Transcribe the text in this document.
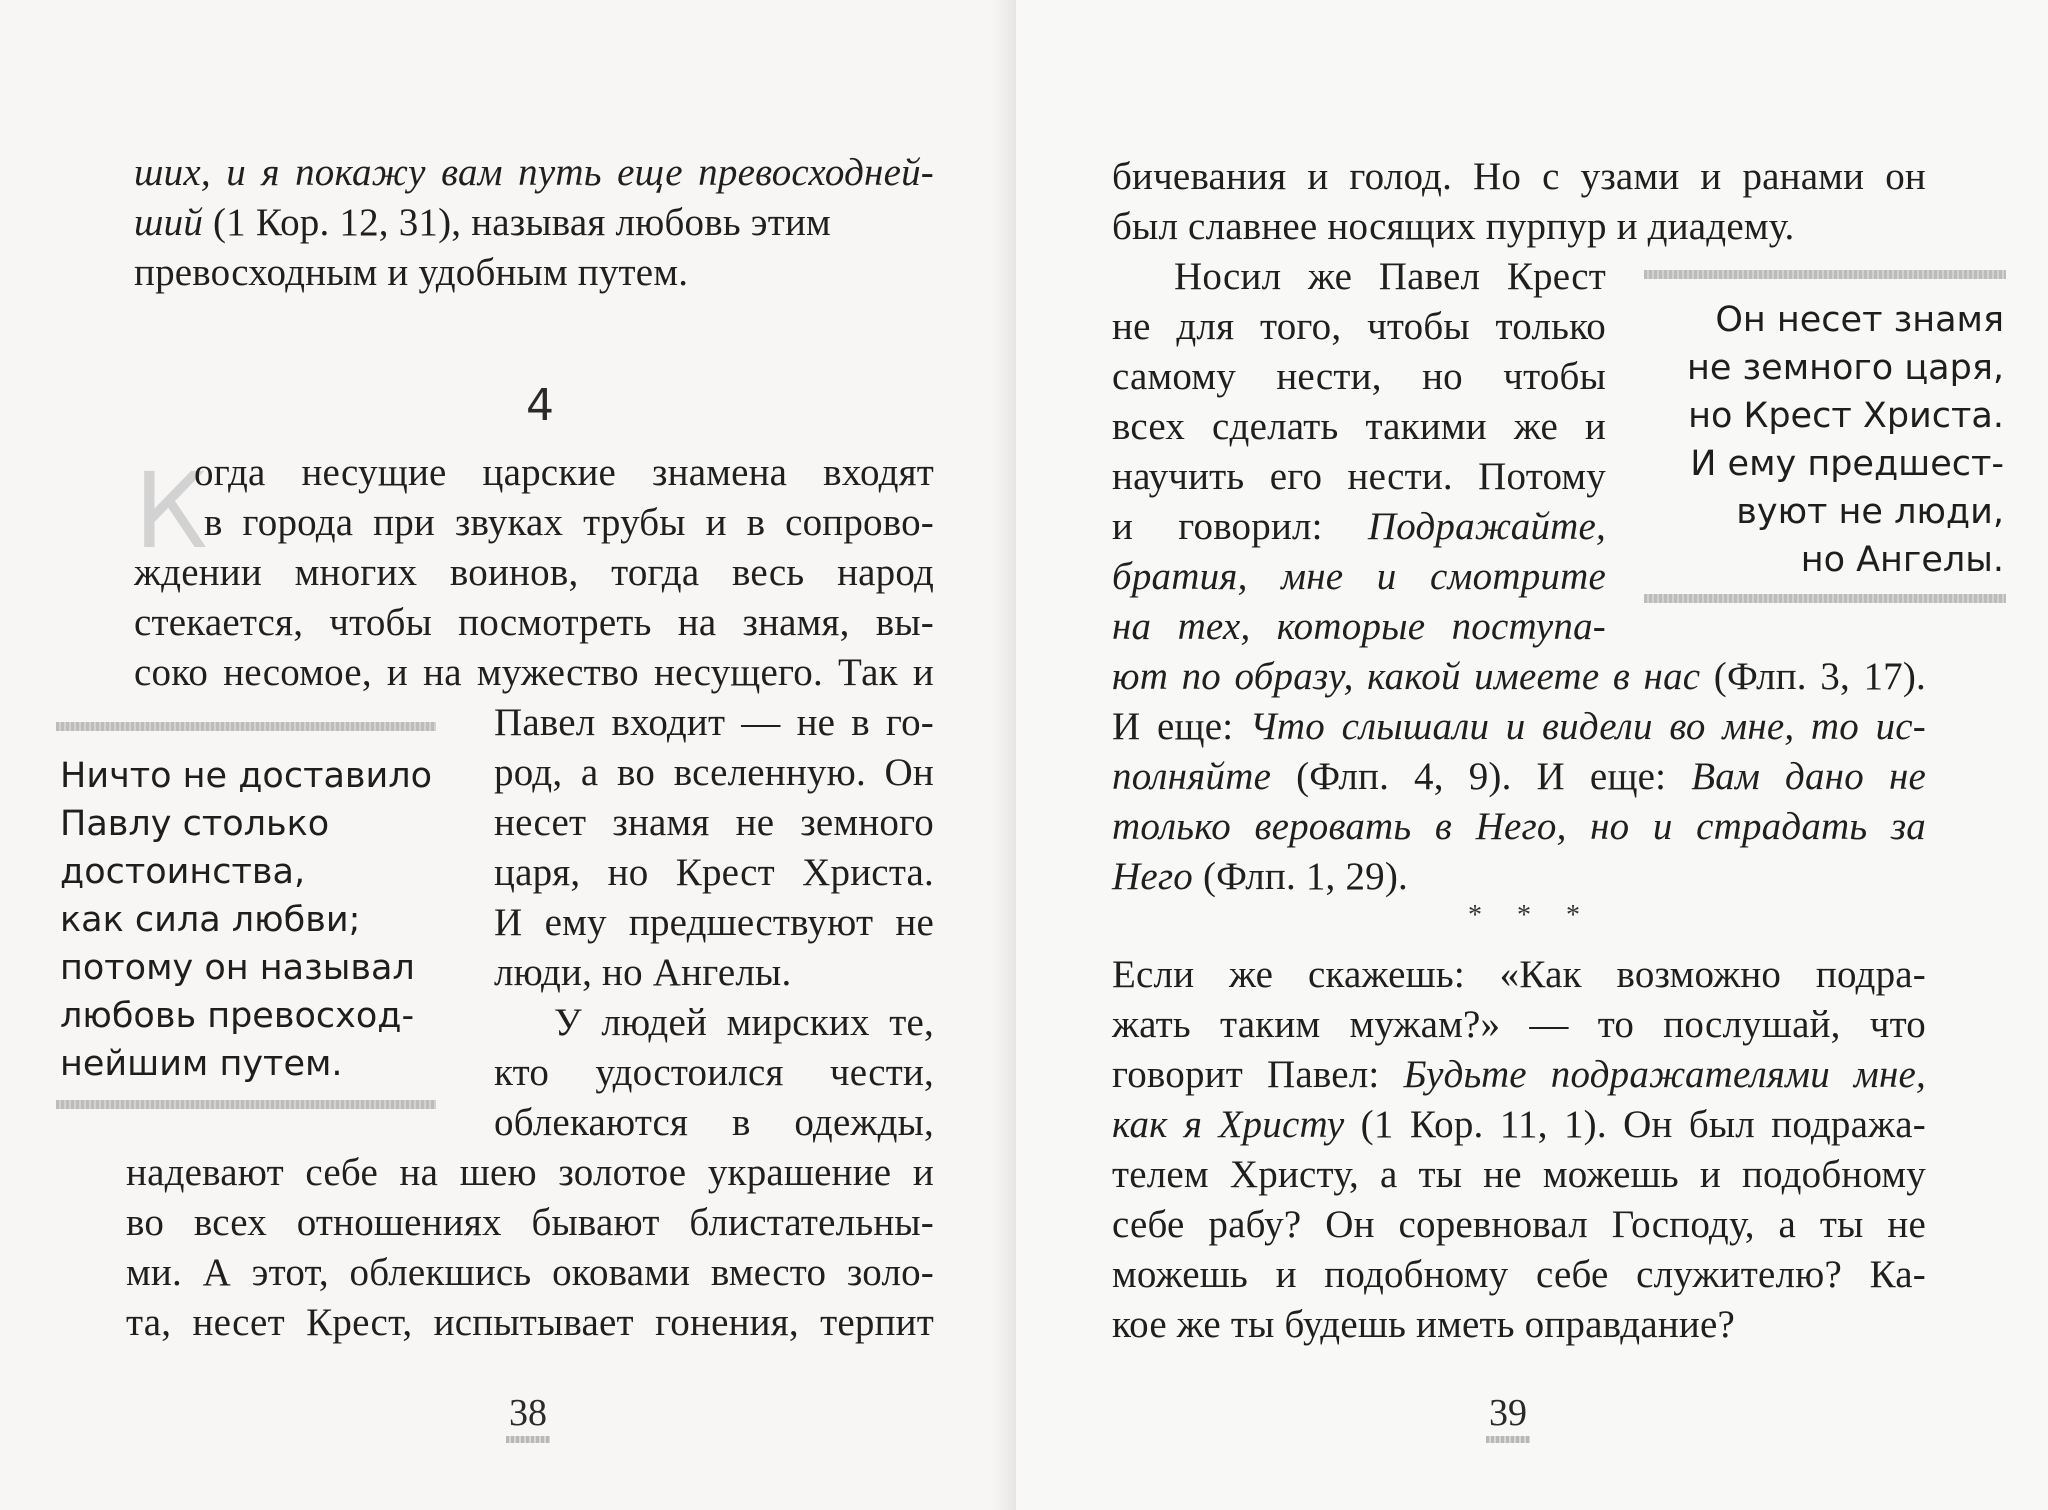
ших, и я покажу вам путь еще превосходней-
ший (1 Кор. 12, 31), называя любовь этим
превосходным и удобным путем.
4
К
огда несущие царские знамена входят
в города при звуках трубы и в сопрово-
ждении многих воинов, тогда весь народ
стекается, чтобы посмотреть на знамя, вы-
соко несомое, и на мужество несущего. Так и
Ничто не доставило
Павлу столько
достоинства,
как сила любви;
потому он называл
любовь превосход-
нейшим путем.
Павел входит — не в го-
род, а во вселенную. Он
несет знамя не земного
царя, но Крест Христа.
И ему предшествуют не
люди, но Ангелы.
У людей мирских те,
кто удостоился чести,
облекаются в одежды,
надевают себе на шею золотое украшение и
во всех отношениях бывают блистательны-
ми. А этот, облекшись оковами вместо золо-
та, несет Крест, испытывает гонения, терпит
38
бичевания и голод. Но с узами и ранами он
был славнее носящих пурпур и диадему.
Носил же Павел Крест
не для того, чтобы только
самому нести, но чтобы
всех сделать такими же и
научить его нести. Потому
и говорил: Подражайте,
братия, мне и смотрите
на тех, которые поступа-
Он несет знамя
не земного царя,
но Крест Христа.
И ему предшест-
вуют не люди,
но Ангелы.
ют по образу, какой имеете в нас (Флп. 3, 17).
И еще: Что слышали и видели во мне, то ис-
полняйте (Флп. 4, 9). И еще: Вам дано не
только веровать в Него, но и страдать за
Него (Флп. 1, 29).
* * *
Если же скажешь: «Как возможно подра-
жать таким мужам?» — то послушай, что
говорит Павел: Будьте подражателями мне,
как я Христу (1 Кор. 11, 1). Он был подража-
телем Христу, а ты не можешь и подобному
себе рабу? Он соревновал Господу, а ты не
можешь и подобному себе служителю? Ка-
кое же ты будешь иметь оправдание?
39
